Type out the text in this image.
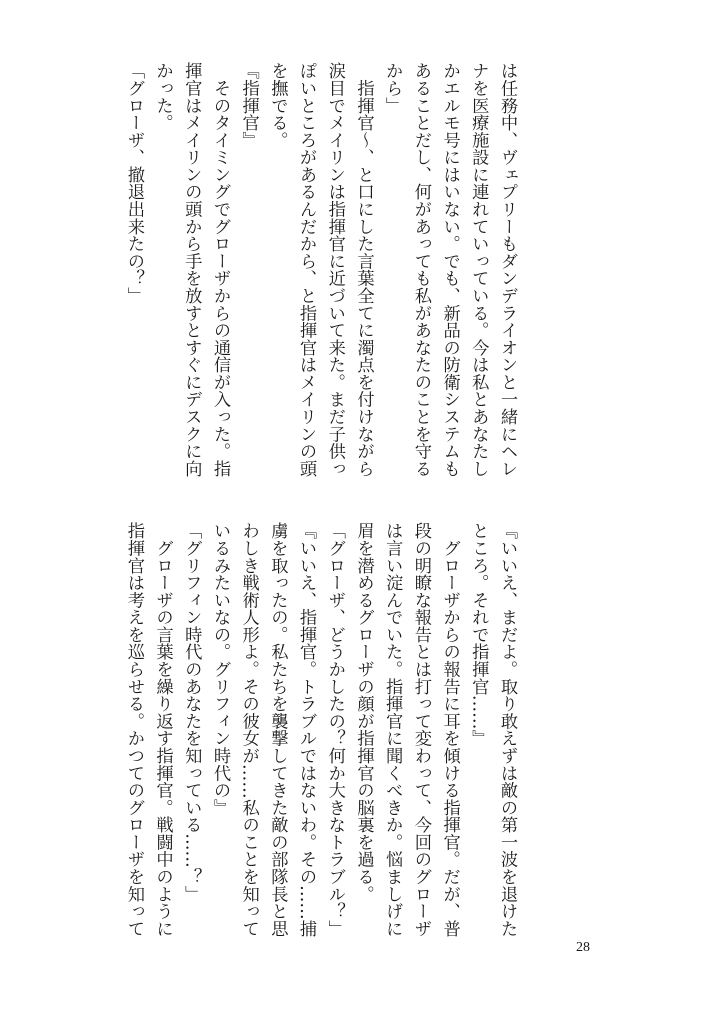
は任務中、ヴェプリーもダンデライオンと一緒にヘレ
ナを医療施設に連れていっている。今は私とあなたし
かエルモ号にはいない。でも、新品の防衛システムも
あることだし、何があっても私があなたのことを守る
から」
　指揮官〜、と口にした言葉全てに濁点を付けながら
涙目でメイリンは指揮官に近づいて来た。まだ子供っ
ぽいところがあるんだから、と指揮官はメイリンの頭
を撫でる。
『指揮官』
　そのタイミングでグローザからの通信が入った。指
揮官はメイリンの頭から手を放すとすぐにデスクに向
かった。
「グローザ、撤退出来たの？」
『いいえ、まだよ。取り敢えずは敵の第一波を退けた
ところ。それで指揮官……』
　グローザからの報告に耳を傾ける指揮官。だが、普
段の明瞭な報告とは打って変わって、今回のグローザ
は言い淀んでいた。指揮官に聞くべきか。悩ましげに
眉を潜めるグローザの顔が指揮官の脳裏を過る。
「グローザ、どうかしたの？何か大きなトラブル？」
『いいえ、指揮官。トラブルではないわ。その……捕
虜を取ったの。私たちを襲撃してきた敵の部隊長と思
わしき戦術人形よ。その彼女が……私のことを知って
いるみたいなの。グリフィン時代の』
「グリフィン時代のあなたを知っている……？」
　グローザの言葉を繰り返す指揮官。戦闘中のように
指揮官は考えを巡らせる。かつてのグローザを知って
28
